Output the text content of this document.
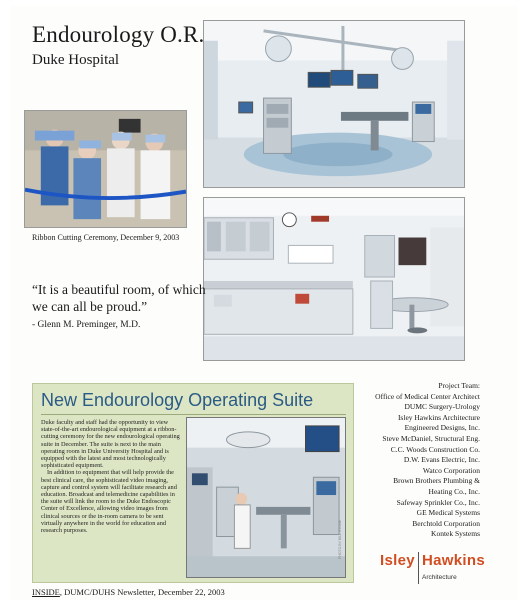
Endourology O.R.
Duke Hospital
Ribbon Cutting Ceremony, December 9, 2003
“It is a beautiful room, of which we can all be proud.”
- Glenn M. Preminger, M.D.
New Endourology Operating Suite

Duke faculty and staff had the opportunity to view state-of-the-art endourological equipment at a ribbon-cutting ceremony for the new endourological operating suite in December. The suite is next to the main operating room in Duke University Hospital and is equipped with the latest and most technologically sophisticated equipment.

In addition to equipment that will help provide the best clinical care, the sophisticated video imaging, capture and control system will facilitate research and education. Broadcast and telemedicine capabilities in the suite will link the room to the Duke Endoscopic Center of Excellence, allowing video images from clinical sources or the in-room camera to be sent virtually anywhere in the world for education and research purposes.	PHOTO BY BILL STONE
INSIDE, DUMC/DUHS Newsletter, December 22, 2003
Project Team:
Office of Medical Center Architect
DUMC Surgery-Urology
Isley Hawkins Architecture
Engineered Designs, Inc.
Steve McDaniel, Structural Eng.
C.C. Woods Construction Co.
D.W. Evans Electric, Inc.
Watco Corporation
Brown Brothers Plumbing &
Heating Co., Inc.
Safeway Sprinkler Co., Inc.
GE Medical Systems
Berchtold Corporation
Kontek Systems
Isley Hawkins
Architecture
